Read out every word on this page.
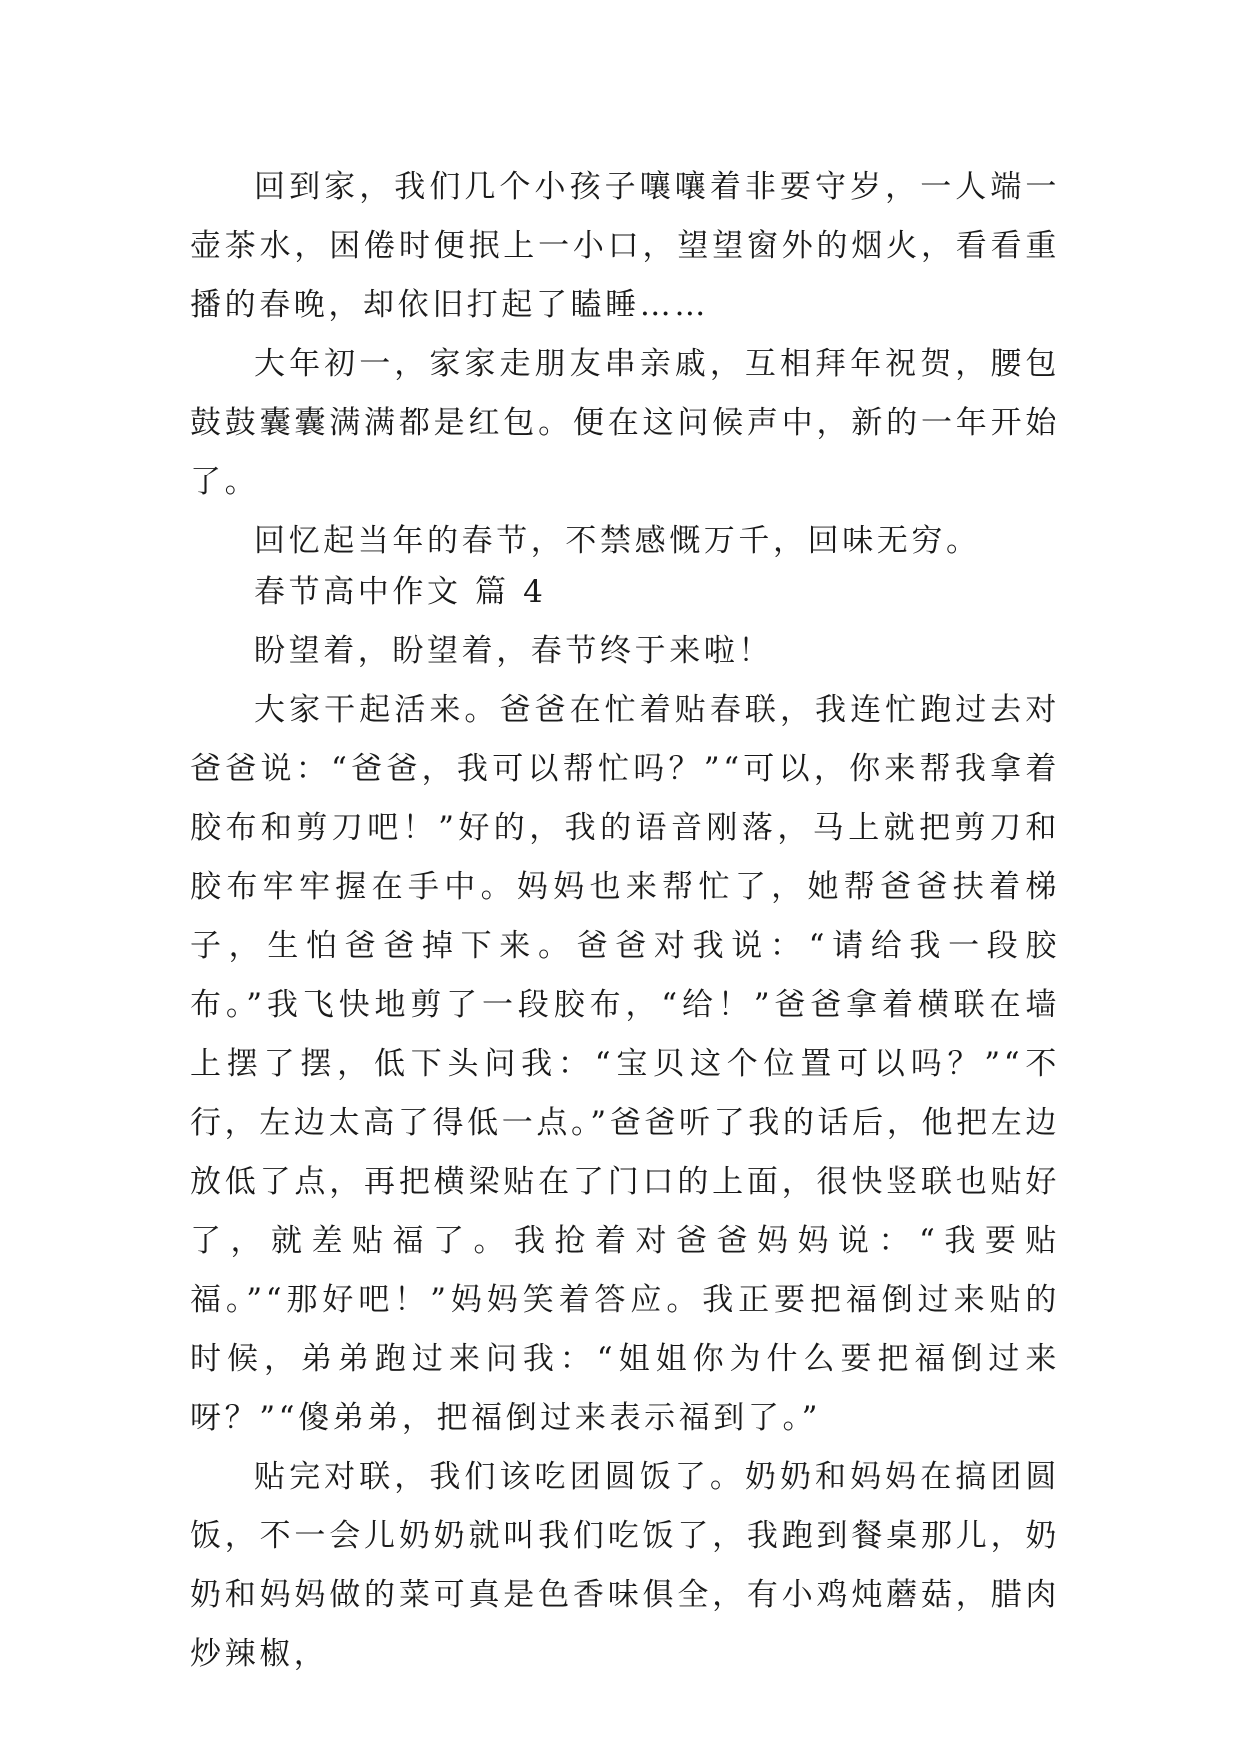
回到家，我们几个小孩子嚷嚷着非要守岁，一人端一壶茶水，困倦时便抿上一小口，望望窗外的烟火，看看重播的春晚，却依旧打起了瞌睡……

大年初一，家家走朋友串亲戚，互相拜年祝贺，腰包鼓鼓囊囊满满都是红包。便在这问候声中，新的一年开始了。

回忆起当年的春节，不禁感慨万千，回味无穷。

春节高中作文 篇 4

盼望着，盼望着，春节终于来啦！

大家干起活来。爸爸在忙着贴春联，我连忙跑过去对爸爸说：“爸爸，我可以帮忙吗？”“可以，你来帮我拿着胶布和剪刀吧！”好的，我的语音刚落，马上就把剪刀和胶布牢牢握在手中。妈妈也来帮忙了，她帮爸爸扶着梯子，生怕爸爸掉下来。爸爸对我说：“请给我一段胶布。”我飞快地剪了一段胶布，“给！”爸爸拿着横联在墙上摆了摆，低下头问我：“宝贝这个位置可以吗？”“不行，左边太高了得低一点。”爸爸听了我的话后，他把左边放低了点，再把横梁贴在了门口的上面，很快竖联也贴好了，就差贴福了。我抢着对爸爸妈妈说：“我要贴福。”“那好吧！”妈妈笑着答应。我正要把福倒过来贴的时候，弟弟跑过来问我：“姐姐你为什么要把福倒过来呀？”“傻弟弟，把福倒过来表示福到了。”

贴完对联，我们该吃团圆饭了。奶奶和妈妈在搞团圆饭，不一会儿奶奶就叫我们吃饭了，我跑到餐桌那儿，奶奶和妈妈做的菜可真是色香味俱全，有小鸡炖蘑菇，腊肉炒辣椒，
